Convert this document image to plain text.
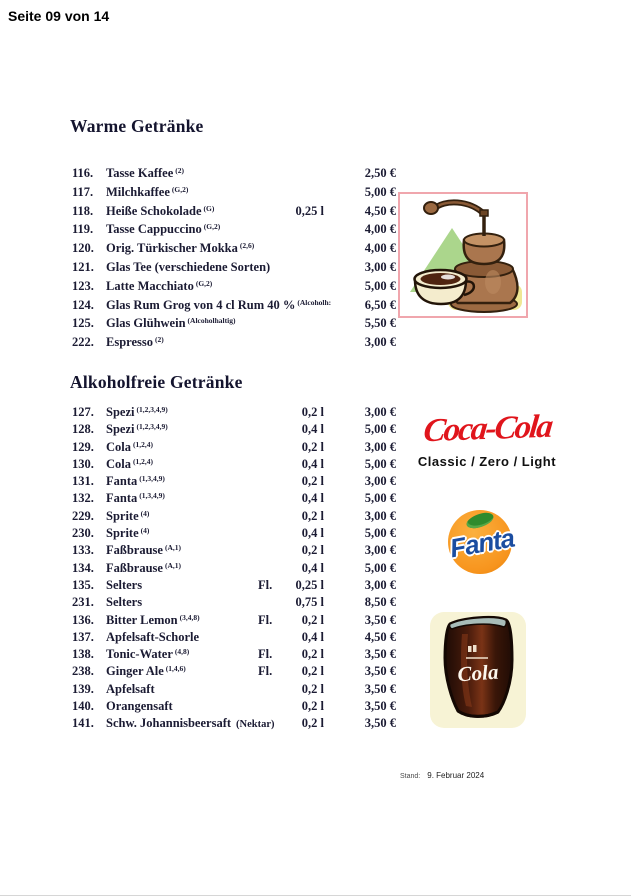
Seite 09 von 14
Warme Getränke
116. Tasse Kaffee $^{(2)}$	2,50 €
117. Milchkaffee $^{(G,2)}$	5,00 €
118. Heiße Schokolade $^{(G)}$	0,25 l	4,50 €
119. Tasse Cappuccino $^{(G,2)}$	4,00 €
120. Orig. Türkischer Mokka $^{(2,6)}$	4,00 €
121. Glas Tee (verschiedene Sorten)	3,00 €
123. Latte Macchiato $^{(G,2)}$	5,00 €
124. Glas Rum Grog von 4 cl Rum 40 % $^{(Alcoholh:}$	6,50 €
125. Glas Glühwein $^{(Alcoholhaltig)}$	5,50 €
222. Espresso $^{(2)}$	3,00 €
Alkoholfreie Getränke
127. Spezi $^{(1,2,3,4,9)}$	0,2 l	3,00 €
128. Spezi $^{(1,2,3,4,9)}$	0,4 l	5,00 €
129. Cola $^{(1,2,4)}$	0,2 l	3,00 €
130. Cola $^{(1,2,4)}$	0,4 l	5,00 €
131. Fanta $^{(1,3,4,9)}$	0,2 l	3,00 €
132. Fanta $^{(1,3,4,9)}$	0,4 l	5,00 €
229. Sprite $^{(4)}$	0,2 l	3,00 €
230. Sprite $^{(4)}$	0,4 l	5,00 €
133. Faßbrause $^{(A,1)}$	0,2 l	3,00 €
134. Faßbrause $^{(A,1)}$	0,4 l	5,00 €
135. Selters	Fl.	0,25 l	3,00 €
231. Selters	0,75 l	8,50 €
136. Bitter Lemon $^{(3,4,8)}$	Fl.	0,2 l	3,50 €
137. Apfelsaft-Schorle	0,4 l	4,50 €
138. Tonic-Water $^{(4,8)}$	Fl.	0,2 l	3,50 €
238. Ginger Ale $^{(1,4,6)}$	Fl.	0,2 l	3,50 €
139. Apfelsaft	0,2 l	3,50 €
140. Orangensaft	0,2 l	3,50 €
141. Schw. Johannisbeersaft (Nektar)	0,2 l	3,50 €
Coca-Cola
Classic / Zero / Light
Fanta
Cola
Stand: 9. Februar 2024
